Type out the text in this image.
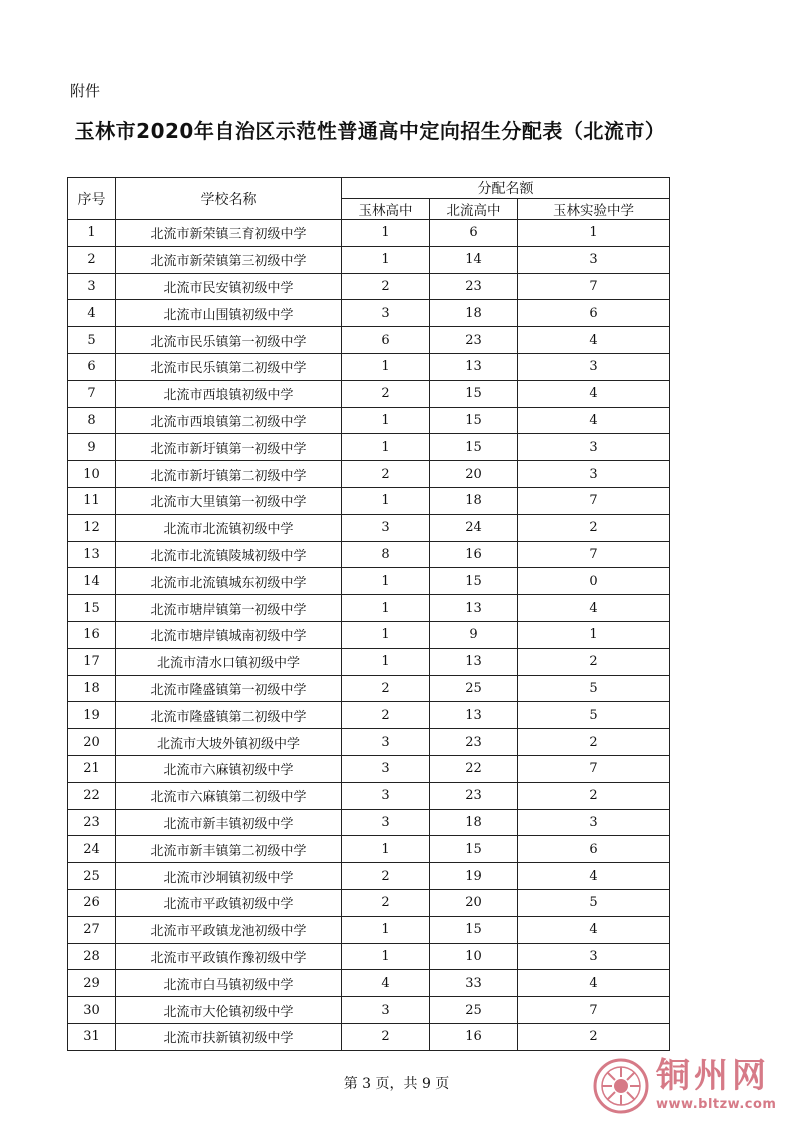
附件
玉林市2020年自治区示范性普通高中定向招生分配表（北流市）
序号	学校名称	分配名额		
		玉林高中	北流高中	玉林实验中学
1	北流市新荣镇三育初级中学	1	6	1
2	北流市新荣镇第三初级中学	1	14	3
3	北流市民安镇初级中学	2	23	7
4	北流市山围镇初级中学	3	18	6
5	北流市民乐镇第一初级中学	6	23	4
6	北流市民乐镇第二初级中学	1	13	3
7	北流市西埌镇初级中学	2	15	4
8	北流市西埌镇第二初级中学	1	15	4
9	北流市新圩镇第一初级中学	1	15	3
10	北流市新圩镇第二初级中学	2	20	3
11	北流市大里镇第一初级中学	1	18	7
12	北流市北流镇初级中学	3	24	2
13	北流市北流镇陵城初级中学	8	16	7
14	北流市北流镇城东初级中学	1	15	0
15	北流市塘岸镇第一初级中学	1	13	4
16	北流市塘岸镇城南初级中学	1	9	1
17	北流市清水口镇初级中学	1	13	2
18	北流市隆盛镇第一初级中学	2	25	5
19	北流市隆盛镇第二初级中学	2	13	5
20	北流市大坡外镇初级中学	3	23	2
21	北流市六麻镇初级中学	3	22	7
22	北流市六麻镇第二初级中学	3	23	2
23	北流市新丰镇初级中学	3	18	3
24	北流市新丰镇第二初级中学	1	15	6
25	北流市沙垌镇初级中学	2	19	4
26	北流市平政镇初级中学	2	20	5
27	北流市平政镇龙池初级中学	1	15	4
28	北流市平政镇作豫初级中学	1	10	3
29	北流市白马镇初级中学	4	33	4
30	北流市大伦镇初级中学	3	25	7
31	北流市扶新镇初级中学	2	16	2
第 3 页，共 9 页	铜州网
www.bltzw.com
